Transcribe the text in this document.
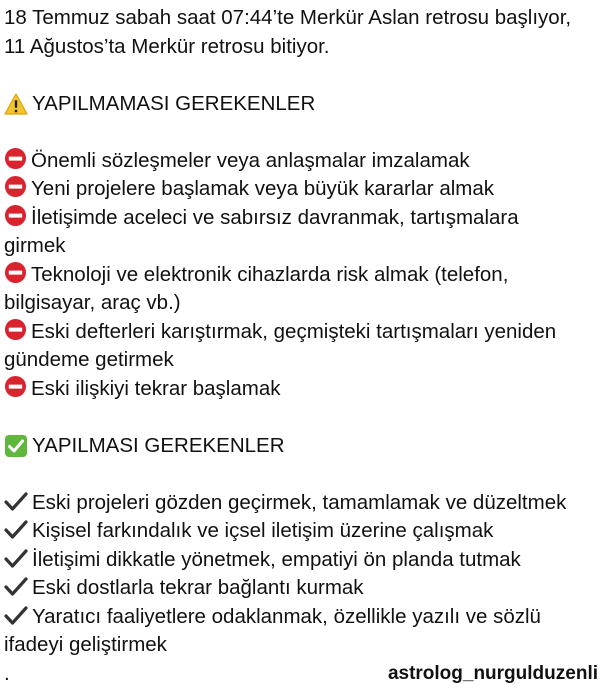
18 Temmuz sabah saat 07:44’te Merkür Aslan retrosu başlıyor,
11 Ağustos’ta Merkür retrosu bitiyor.

YAPILMAMASI GEREKENLER

Önemli sözleşmeler veya anlaşmalar imzalamak

Yeni projelere başlamak veya büyük kararlar almak

İletişimde aceleci ve sabırsız davranmak, tartışmalara
girmek

Teknoloji ve elektronik cihazlarda risk almak (telefon,
bilgisayar, araç vb.)

Eski defterleri karıştırmak, geçmişteki tartışmaları yeniden
gündeme getirmek

Eski ilişkiyi tekrar başlamak

YAPILMASI GEREKENLER

Eski projeleri gözden geçirmek, tamamlamak ve düzeltmek

Kişisel farkındalık ve içsel iletişim üzerine çalışmak

İletişimi dikkatle yönetmek, empatiyi ön planda tutmak

Eski dostlarla tekrar bağlantı kurmak

Yaratıcı faaliyetlere odaklanmak, özellikle yazılı ve sözlü
ifadeyi geliştirmek

.	astrolog_nurgulduzenli
